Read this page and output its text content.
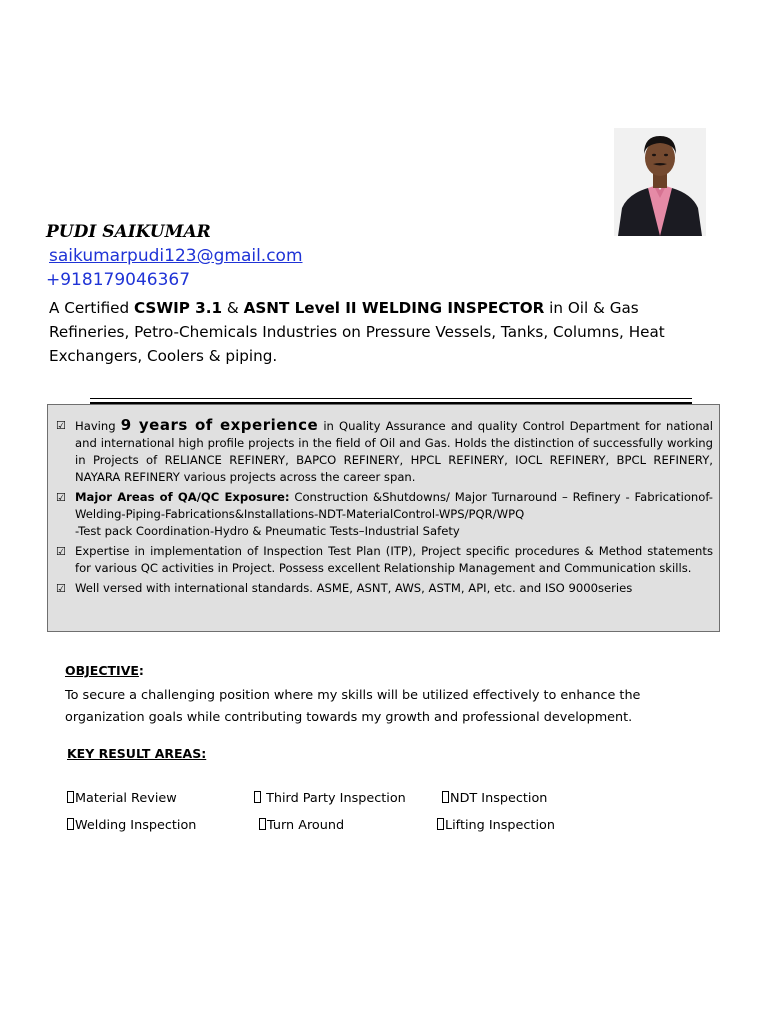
PUDI SAIKUMAR
saikumarpudi123@gmail.com
+918179046367
A Certified CSWIP 3.1 & ASNT Level II WELDING INSPECTOR in Oil & Gas Refineries, Petro-Chemicals Industries on Pressure Vessels, Tanks, Columns, Heat Exchangers, Coolers & piping.
☑ Having 9 years of experience in Quality Assurance and quality Control Department for national and international high profile projects in the field of Oil and Gas. Holds the distinction of successfully working in Projects of RELIANCE REFINERY, BAPCO REFINERY, HPCL REFINERY, IOCL REFINERY, BPCL REFINERY, NAYARA REFINERY various projects across the career span.
☑ Major Areas of QA/QC Exposure: Construction &Shutdowns/ Major Turnaround – Refinery - Fabricationof-Welding-Piping-Fabrications&Installations-NDT-MaterialControl-WPS/PQR/WPQ
-Test pack Coordination-Hydro & Pneumatic Tests–Industrial Safety
☑ Expertise in implementation of Inspection Test Plan (ITP), Project specific procedures & Method statements for various QC activities in Project. Possess excellent Relationship Management and Communication skills.
☑ Well versed with international standards. ASME, ASNT, AWS, ASTM, API, etc. and ISO 9000series
OBJECTIVE:
To secure a challenging position where my skills will be utilized effectively to enhance the organization goals while contributing towards my growth and professional development.
KEY RESULT AREAS:
Material Review	Third Party Inspection	NDT Inspection
Welding Inspection	Turn Around	Lifting Inspection
